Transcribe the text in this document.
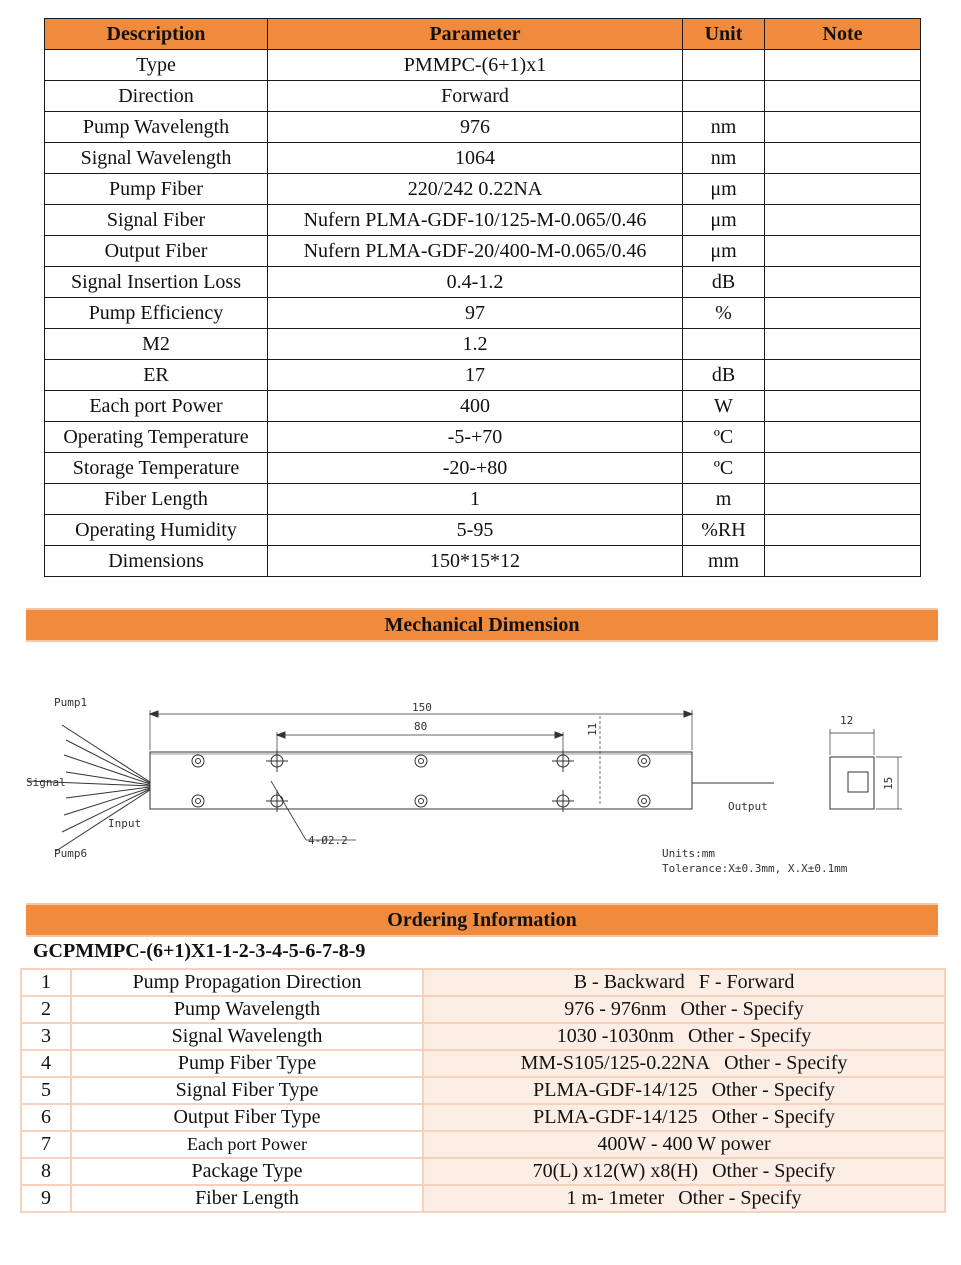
Description	Parameter	Unit	Note
Type	PMMPC-(6+1)x1		
Direction	Forward		
Pump Wavelength	976	nm	
Signal Wavelength	1064	nm	
Pump Fiber	220/242 0.22NA	μm	
Signal Fiber	Nufern PLMA-GDF-10/125-M-0.065/0.46	μm	
Output Fiber	Nufern PLMA-GDF-20/400-M-0.065/0.46	μm	
Signal Insertion Loss	0.4-1.2	dB	
Pump Efficiency	97	%	
M2	1.2		
ER	17	dB	
Each port Power	400	W	
Operating Temperature	-5-+70	ºC	
Storage Temperature	-20-+80	ºC	
Fiber Length	1	m	
Operating Humidity	5-95	%RH	
Dimensions	150*15*12	mm	
Mechanical Dimension
Pump1
Signal
Input
Pump6
Output
150
80	11
12
15
4-Ø2.2
Units:mm
Tolerance:X±0.3mm, X.X±0.1mm
Ordering Information
GCPMMPC-(6+1)X1-1-2-3-4-5-6-7-8-9
1	Pump Propagation Direction	B - Backward F - Forward
2	Pump Wavelength	976 - 976nm Other - Specify
3	Signal Wavelength	1030 -1030nm Other - Specify
4	Pump Fiber Type	MM-S105/125-0.22NA Other - Specify
5	Signal Fiber Type	PLMA-GDF-14/125 Other - Specify
6	Output Fiber Type	PLMA-GDF-14/125 Other - Specify
7	Each port Power	400W - 400 W power
8	Package Type	70(L) x12(W) x8(H) Other - Specify
9	Fiber Length	1 m- 1meter Other - Specify
